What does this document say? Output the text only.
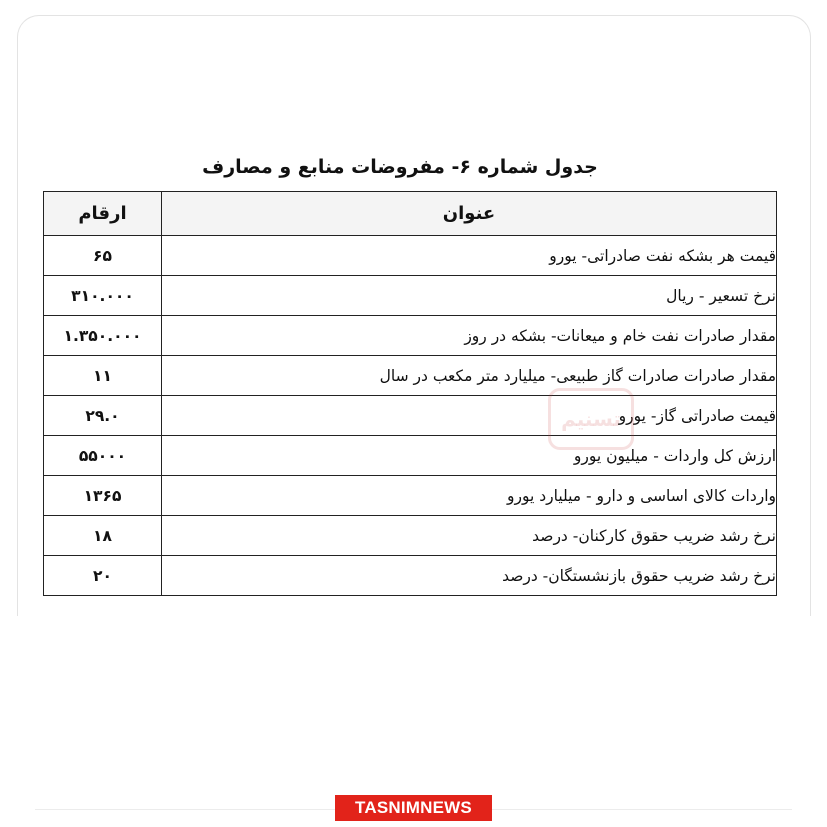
جدول شماره ۶- مفروضات منابع و مصارف
عنوان	ارقام
قیمت هر بشکه نفت صادراتی- یورو	۶۵
نرخ تسعیر - ریال	۳۱۰.۰۰۰
مقدار صادرات نفت خام و میعانات- بشکه در روز	۱.۳۵۰.۰۰۰
مقدار صادرات صادرات گاز طبیعی- میلیارد متر مکعب در سال	۱۱
قیمت صادراتی گاز- یورو	۲۹.۰
ارزش کل واردات - میلیون یورو	۵۵۰۰۰
واردات کالای اساسی و دارو - میلیارد یورو	۱۳۶۵
نرخ رشد ضریب حقوق کارکنان- درصد	۱۸
نرخ رشد ضریب حقوق بازنشستگان- درصد	۲۰
تسنیم
TASNIMNEWS
